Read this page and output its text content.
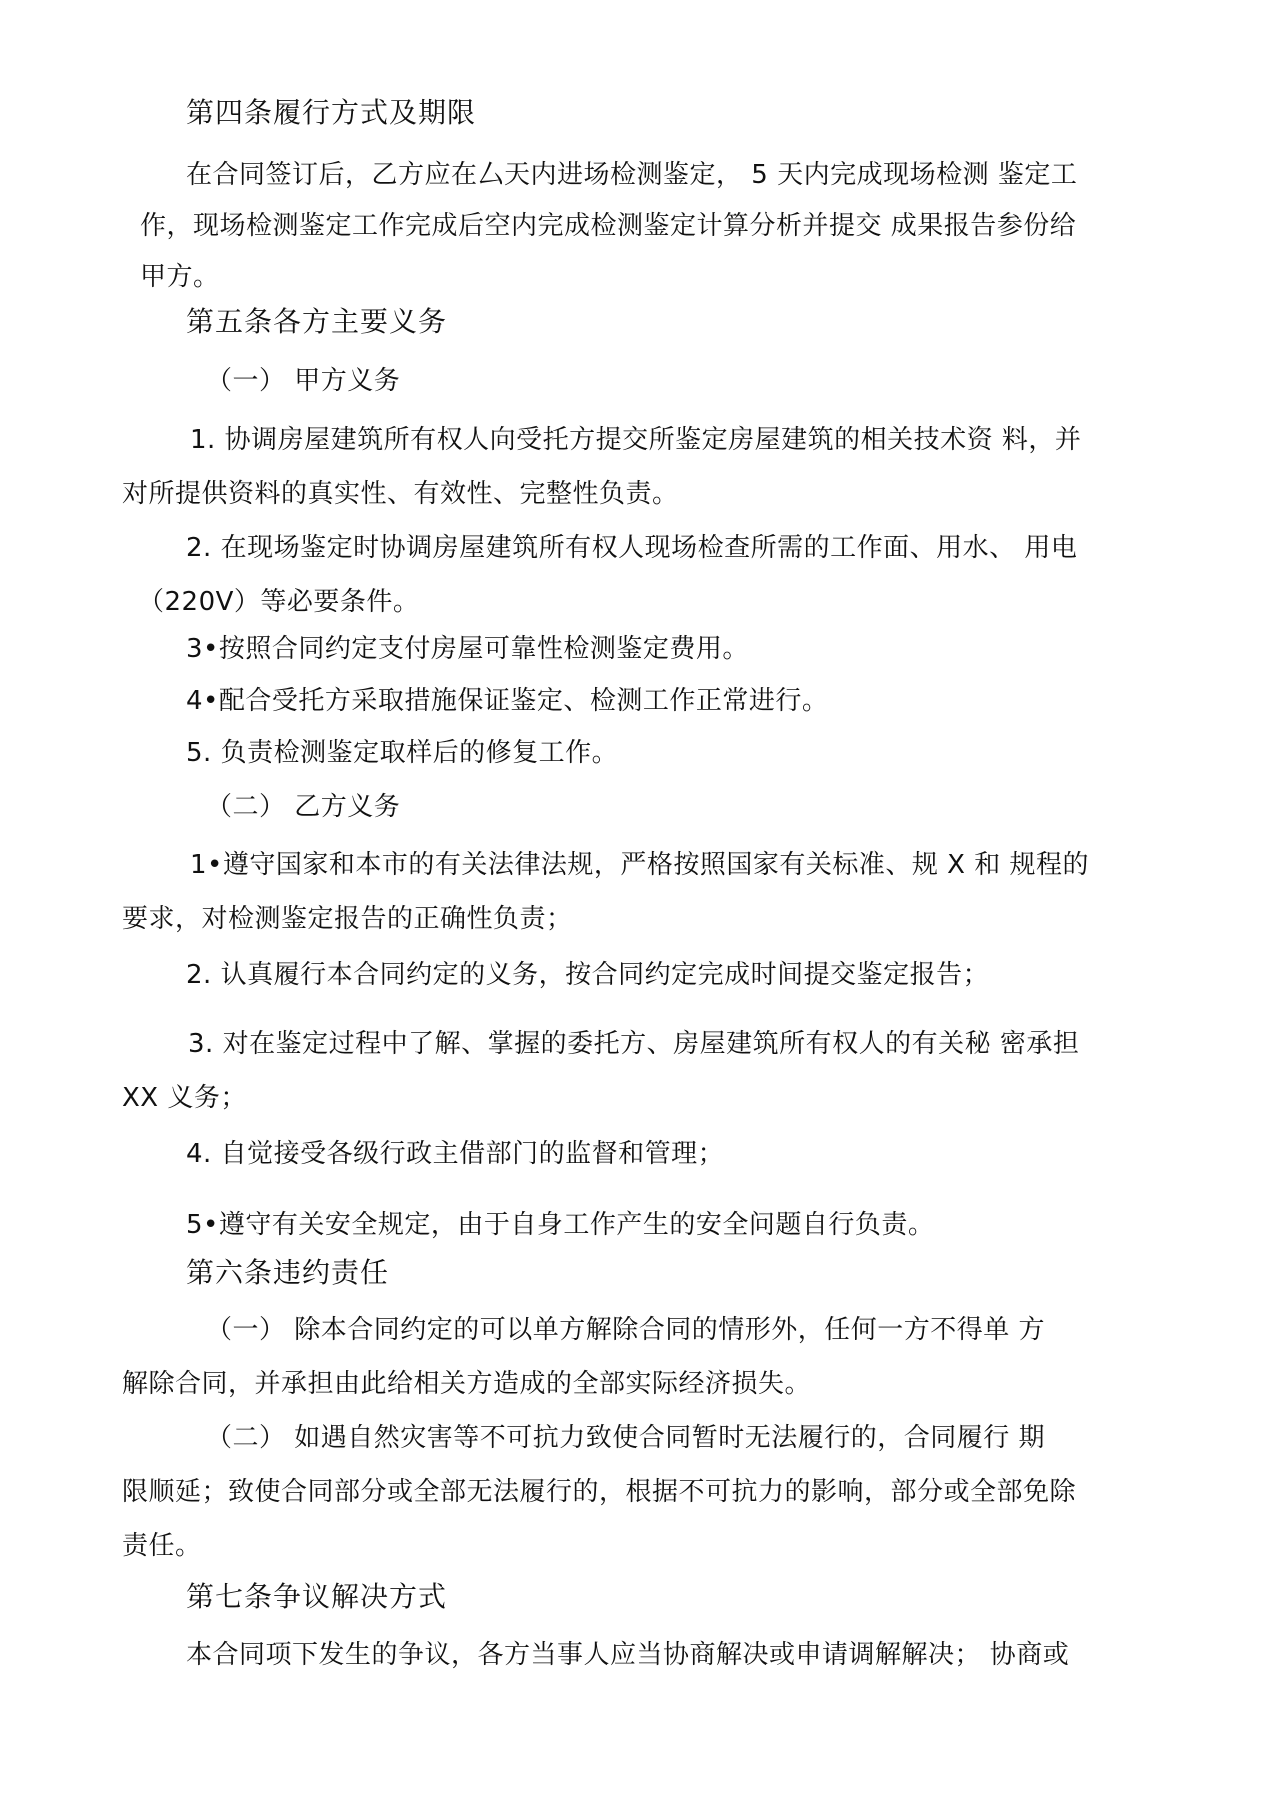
第四条履行方式及期限
在合同签订后，乙方应在厶天内进场检测鉴定， 5 天内完成现场检测 鉴定工
作，现场检测鉴定工作完成后空内完成检测鉴定计算分析并提交 成果报告参份给
甲方。
第五条各方主要义务
（一） 甲方义务
1. 协调房屋建筑所有权人向受托方提交所鉴定房屋建筑的相关技术资 料，并
对所提供资料的真实性、有效性、完整性负责。
2. 在现场鉴定时协调房屋建筑所有权人现场检查所需的工作面、用水、 用电
（220V）等必要条件。
3•按照合同约定支付房屋可靠性检测鉴定费用。
4•配合受托方采取措施保证鉴定、检测工作正常进行。
5. 负责检测鉴定取样后的修复工作。
（二） 乙方义务
1•遵守国家和本市的有关法律法规，严格按照国家有关标准、规 X 和 规程的
要求，对检测鉴定报告的正确性负责；
2. 认真履行本合同约定的义务，按合同约定完成时间提交鉴定报告；
3. 对在鉴定过程中了解、掌握的委托方、房屋建筑所有权人的有关秘 密承担
XX 义务；
4. 自觉接受各级行政主借部门的监督和管理；
5•遵守有关安全规定，由于自身工作产生的安全问题自行负责。
第六条违约责任
（一） 除本合同约定的可以单方解除合同的情形外，任何一方不得单 方
解除合同，并承担由此给相关方造成的全部实际经济损失。
（二） 如遇自然灾害等不可抗力致使合同暂时无法履行的，合同履行 期
限顺延；致使合同部分或全部无法履行的，根据不可抗力的影响，部分或全部免除
责任。
第七条争议解决方式
本合同项下发生的争议，各方当事人应当协商解决或申请调解解决； 协商或
